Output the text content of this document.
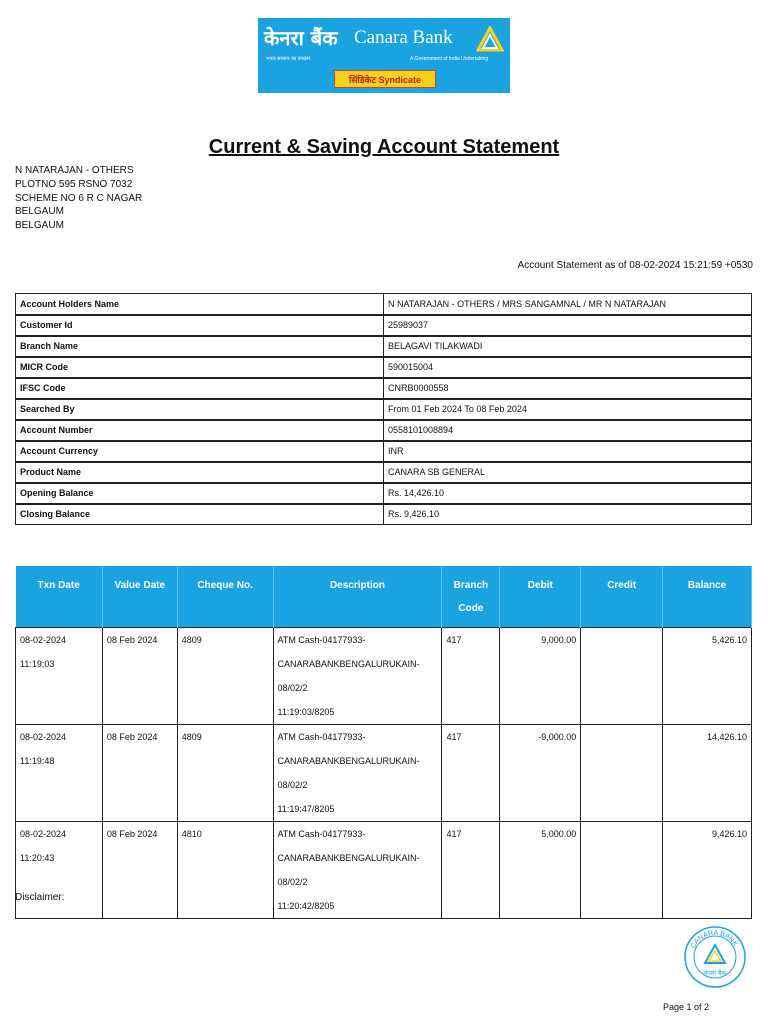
केनरा बैंक Canara Bank
भारत सरकार का उपक्रम	A Government of India Undertaking
सिंडिकेट Syndicate
Current & Saving Account Statement
N NATARAJAN - OTHERS
PLOTNO 595 RSNO 7032
SCHEME NO 6 R C NAGAR
BELGAUM
BELGAUM
Account Statement as of 08-02-2024 15:21:59 +0530
Account Holders Name	N NATARAJAN - OTHERS / MRS SANGAMNAL / MR N NATARAJAN
Customer Id	25989037
Branch Name	BELAGAVI TILAKWADI
MICR Code	590015004
IFSC Code	CNRB0000558
Searched By	From 01 Feb 2024 To 08 Feb 2024
Account Number	0558101008894
Account Currency	INR
Product Name	CANARA SB GENERAL
Opening Balance	Rs. 14,426.10
Closing Balance	Rs. 9,426.10
Txn Date	Value Date	Cheque No.	Description	Branch
Code	Debit	Credit	Balance
08-02-2024 11:19:03	08 Feb 2024	4809	ATM Cash-04177933-
CANARABANKBENGALURUKAIN-08/02/2
11:19:03/8205	417	9,000.00		5,426.10
08-02-2024 11:19:48	08 Feb 2024	4809	ATM Cash-04177933-
CANARABANKBENGALURUKAIN-08/02/2
11:19:47/8205	417	-9,000.00		14,426.10
08-02-2024 11:20:43	08 Feb 2024	4810	ATM Cash-04177933-
CANARABANKBENGALURUKAIN-08/02/2
11:20:42/8205	417	5,000.00		9,426.10
Disclaimer:
CANARA BANK
केनरा बैंक
Page 1 of 2
